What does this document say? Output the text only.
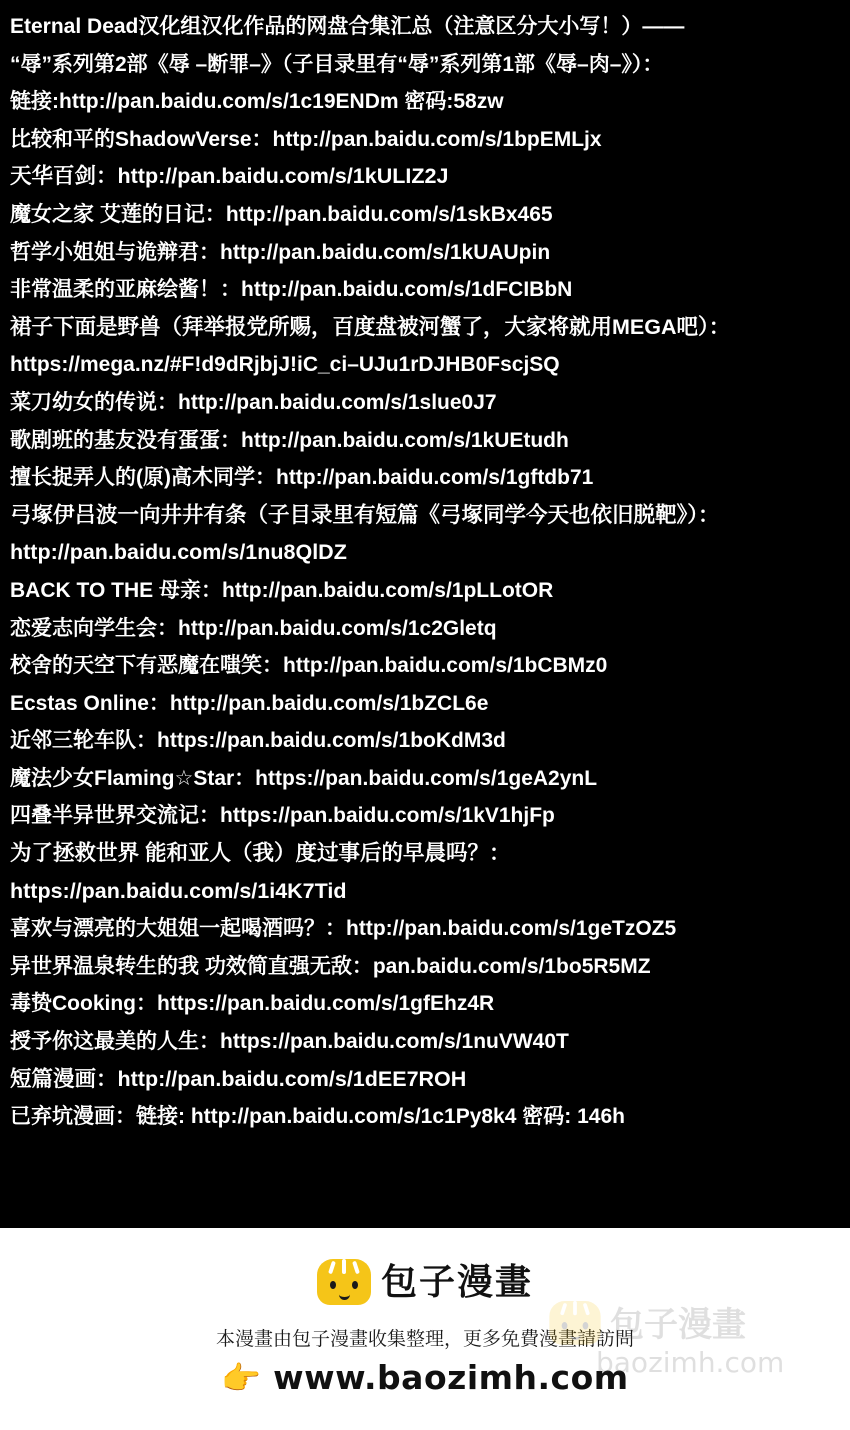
Eternal Dead汉化组汉化作品的网盘合集汇总（注意区分大小写！）——
“辱”系列第2部《辱 –断罪–》（子目录里有“辱”系列第1部《辱–肉–》）：
链接:http://pan.baidu.com/s/1c19ENDm 密码:58zw
比较和平的ShadowVerse：http://pan.baidu.com/s/1bpEMLjx
天华百剑：http://pan.baidu.com/s/1kULIZ2J
魔女之家 艾莲的日记：http://pan.baidu.com/s/1skBx465
哲学小姐姐与诡辩君：http://pan.baidu.com/s/1kUAUpin
非常温柔的亚麻绘酱！：http://pan.baidu.com/s/1dFCIBbN
裙子下面是野兽（拜举报党所赐，百度盘被河蟹了，大家将就用MEGA吧）：
https://mega.nz/#F!d9dRjbjJ!iC_ci–UJu1rDJHB0FscjSQ
菜刀幼女的传说：http://pan.baidu.com/s/1slue0J7
歌剧班的基友没有蛋蛋：http://pan.baidu.com/s/1kUEtudh
擅长捉弄人的(原)高木同学：http://pan.baidu.com/s/1gftdb71
弓塚伊吕波一向井井有条（子目录里有短篇《弓塚同学今天也依旧脱靶》）：
http://pan.baidu.com/s/1nu8QlDZ
BACK TO THE 母亲：http://pan.baidu.com/s/1pLLotOR
恋爱志向学生会：http://pan.baidu.com/s/1c2Gletq
校舍的天空下有恶魔在嗤笑：http://pan.baidu.com/s/1bCBMz0
Ecstas Online：http://pan.baidu.com/s/1bZCL6e
近邻三轮车队：https://pan.baidu.com/s/1boKdM3d
魔法少女Flaming☆Star：https://pan.baidu.com/s/1geA2ynL
四叠半异世界交流记：https://pan.baidu.com/s/1kV1hjFp
为了拯救世界 能和亚人（我）度过事后的早晨吗？：
https://pan.baidu.com/s/1i4K7Tid
喜欢与漂亮的大姐姐一起喝酒吗？：http://pan.baidu.com/s/1geTzOZ5
异世界温泉转生的我 功效简直强无敌：pan.baidu.com/s/1bo5R5MZ
毒贽Cooking：https://pan.baidu.com/s/1gfEhz4R
授予你这最美的人生：https://pan.baidu.com/s/1nuVW40T
短篇漫画：http://pan.baidu.com/s/1dEE7ROH
已弃坑漫画：链接: http://pan.baidu.com/s/1c1Py8k4 密码: 146h
包子漫畫
本漫畫由包子漫畫收集整理，更多免費漫畫請訪問
👉 www.baozimh.com
包子漫畫
baozimh.com
